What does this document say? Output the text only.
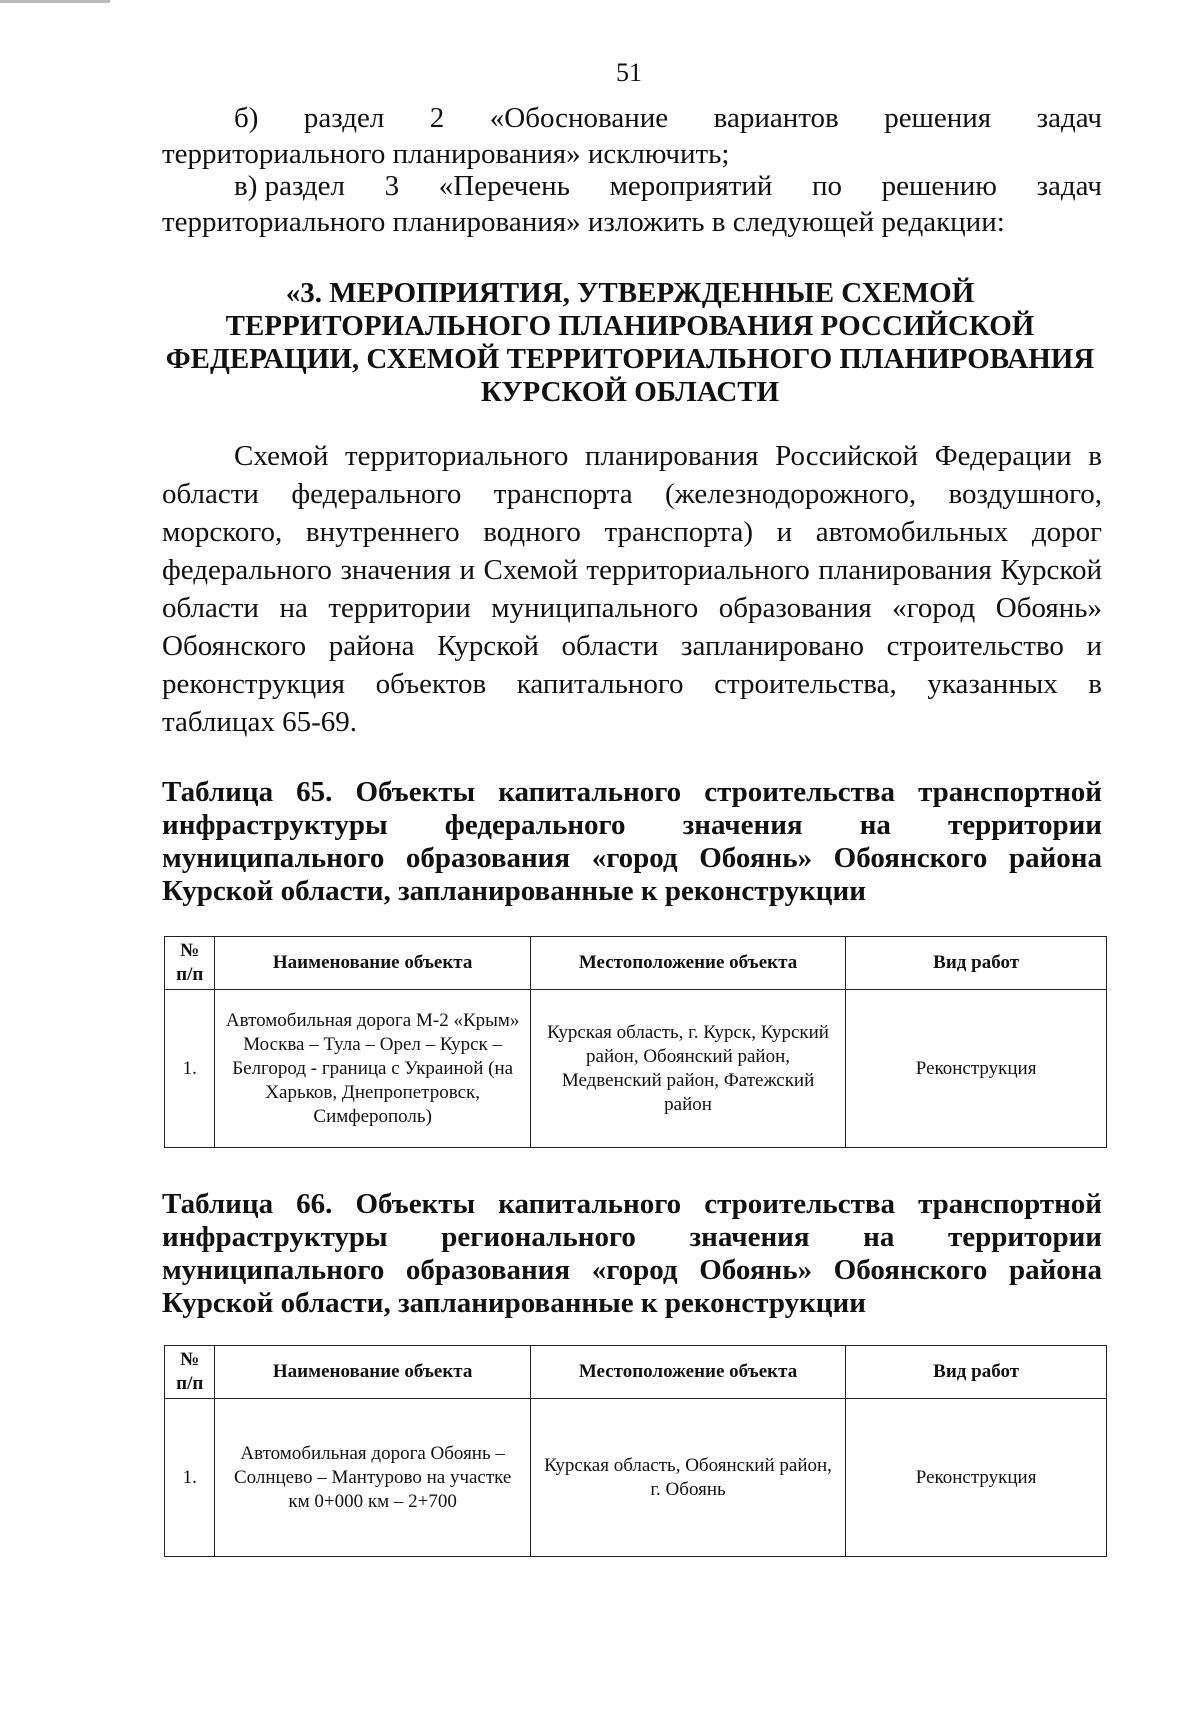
51
б) раздел 2 «Обоснование вариантов решения задач территориального планирования» исключить;
в) раздел 3 «Перечень мероприятий по решению задач
территориального планирования» изложить в следующей редакции:
«3. МЕРОПРИЯТИЯ, УТВЕРЖДЕННЫЕ СХЕМОЙ
ТЕРРИТОРИАЛЬНОГО ПЛАНИРОВАНИЯ РОССИЙСКОЙ
ФЕДЕРАЦИИ, СХЕМОЙ ТЕРРИТОРИАЛЬНОГО ПЛАНИРОВАНИЯ
КУРСКОЙ ОБЛАСТИ
Схемой территориального планирования Российской Федерации в области федерального транспорта (железнодорожного, воздушного, морского, внутреннего водного транспорта) и автомобильных дорог федерального значения и Схемой территориального планирования Курской области на территории муниципального образования «город Обоянь» Обоянского района Курской области запланировано строительство и реконструкция объектов капитального строительства, указанных в таблицах 65-69.
Таблица 65. Объекты капитального строительства транспортной инфраструктуры федерального значения на территории муниципального образования «город Обоянь» Обоянского района
Курской области, запланированные к реконструкции
№ п/п	Наименование объекта	Местоположение объекта	Вид работ
1.	Автомобильная дорога М-2 «Крым» Москва – Тула – Орел – Курск – Белгород - граница с Украиной (на Харьков, Днепропетровск, Симферополь)	Курская область, г. Курск, Курский район, Обоянский район, Медвенский район, Фатежский район	Реконструкция
Таблица 66. Объекты капитального строительства транспортной инфраструктуры регионального значения на территории муниципального образования «город Обоянь» Обоянского района
Курской области, запланированные к реконструкции
№ п/п	Наименование объекта	Местоположение объекта	Вид работ
1.	Автомобильная дорога Обоянь – Солнцево – Мантурово на участке км 0+000 км – 2+700	Курская область, Обоянский район, г. Обоянь	Реконструкция
